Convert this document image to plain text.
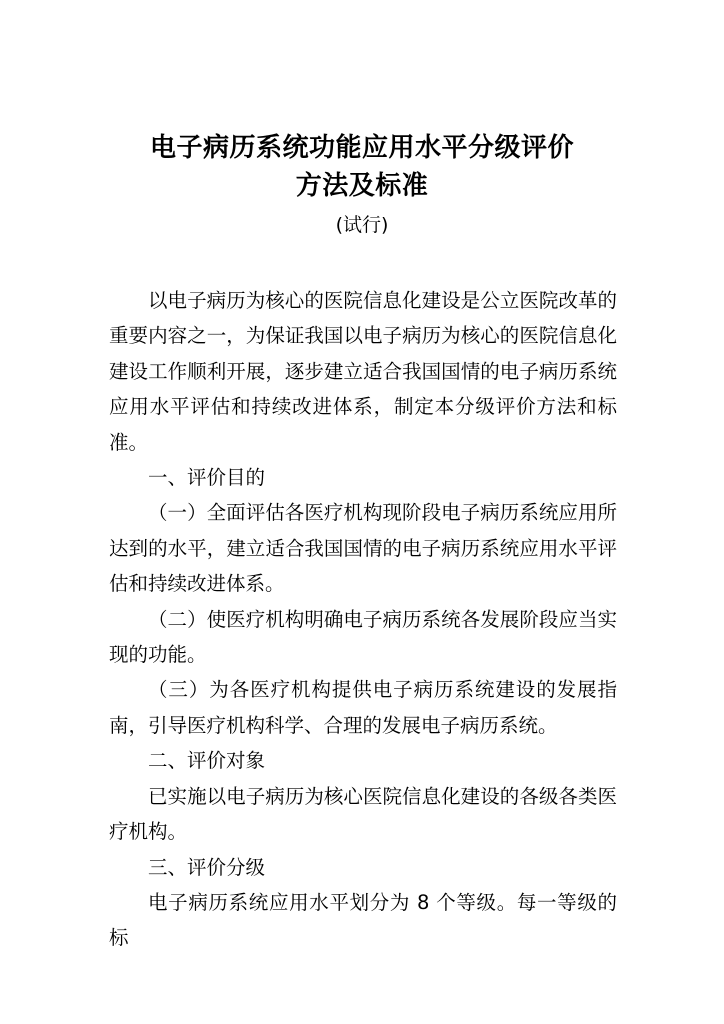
电子病历系统功能应用水平分级评价
方法及标准
(试行)

以电子病历为核心的医院信息化建设是公立医院改革的重要内容之一，为保证我国以电子病历为核心的医院信息化建设工作顺利开展，逐步建立适合我国国情的电子病历系统应用水平评估和持续改进体系，制定本分级评价方法和标准。

一、评价目的

（一）全面评估各医疗机构现阶段电子病历系统应用所达到的水平，建立适合我国国情的电子病历系统应用水平评估和持续改进体系。

（二）使医疗机构明确电子病历系统各发展阶段应当实现的功能。

（三）为各医疗机构提供电子病历系统建设的发展指南，引导医疗机构科学、合理的发展电子病历系统。

二、评价对象

已实施以电子病历为核心医院信息化建设的各级各类医疗机构。

三、评价分级

电子病历系统应用水平划分为 8 个等级。每一等级的标
